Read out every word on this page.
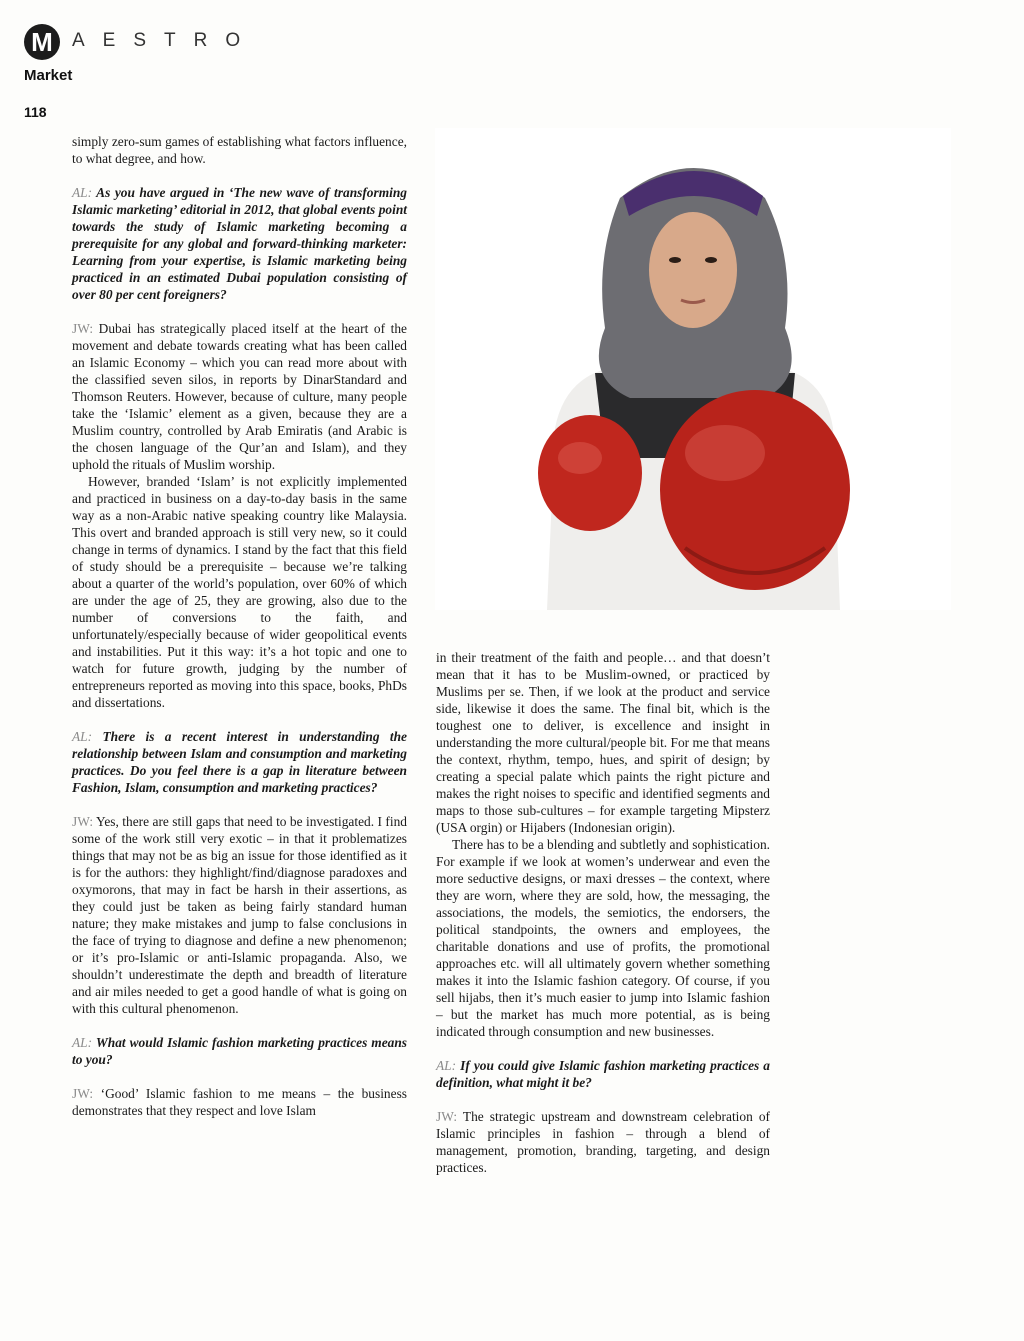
M	AESTRO
Market
118

simply zero-sum games of establishing what factors influence, to what degree, and how.

AL: As you have argued in ‘The new wave of transforming Islamic marketing’ editorial in 2012, that global events point towards the study of Islamic marketing becoming a prerequisite for any global and forward-thinking marketer: Learning from your expertise, is Islamic marketing being practiced in an estimated Dubai population consisting of over 80 per cent foreigners?

JW: Dubai has strategically placed itself at the heart of the movement and debate towards creating what has been called an Islamic Economy – which you can read more about with the classified seven silos, in reports by DinarStandard and Thomson Reuters. However, because of culture, many people take the ‘Islamic’ element as a given, because they are a Muslim country, controlled by Arab Emiratis (and Arabic is the chosen language of the Qur’an and Islam), and they uphold the rituals of Muslim worship.

However, branded ‘Islam’ is not explicitly implemented and practiced in business on a day-to-day basis in the same way as a non-Arabic native speaking country like Malaysia. This overt and branded approach is still very new, so it could change in terms of dynamics. I stand by the fact that this field of study should be a prerequisite – because we’re talking about a quarter of the world’s population, over 60% of which are under the age of 25, they are growing, also due to the number of conversions to the faith, and unfortunately/especially because of wider geopolitical events and instabilities. Put it this way: it’s a hot topic and one to watch for future growth, judging by the number of entrepreneurs reported as moving into this space, books, PhDs and dissertations.

AL: There is a recent interest in understanding the relationship between Islam and consumption and marketing practices. Do you feel there is a gap in literature between Fashion, Islam, consumption and marketing practices?

JW: Yes, there are still gaps that need to be investigated. I find some of the work still very exotic – in that it problematizes things that may not be as big an issue for those identified as it is for the authors: they highlight/find/diagnose paradoxes and oxymorons, that may in fact be harsh in their assertions, as they could just be taken as being fairly standard human nature; they make mistakes and jump to false conclusions in the face of trying to diagnose and define a new phenomenon; or it’s pro-Islamic or anti-Islamic propaganda. Also, we shouldn’t underestimate the depth and breadth of literature and air miles needed to get a good handle of what is going on with this cultural phenomenon.

AL: What would Islamic fashion marketing practices means to you?

JW: ‘Good’ Islamic fashion to me means – the business demonstrates that they respect and love Islam

in their treatment of the faith and people… and that doesn’t mean that it has to be Muslim-owned, or practiced by Muslims per se. Then, if we look at the product and service side, likewise it does the same. The final bit, which is the toughest one to deliver, is excellence and insight in understanding the more cultural/people bit. For me that means the context, rhythm, tempo, hues, and spirit of design; by creating a special palate which paints the right picture and makes the right noises to specific and identified segments and maps to those sub-cultures – for example targeting Mipsterz (USA orgin) or Hijabers (Indonesian origin).

There has to be a blending and subtletly and sophistication. For example if we look at women’s underwear and even the more seductive designs, or maxi dresses – the context, where they are worn, where they are sold, how, the messaging, the associations, the models, the semiotics, the endorsers, the political standpoints, the owners and employees, the charitable donations and use of profits, the promotional approaches etc. will all ultimately govern whether something makes it into the Islamic fashion category. Of course, if you sell hijabs, then it’s much easier to jump into Islamic fashion – but the market has much more potential, as is being indicated through consumption and new businesses.

AL: If you could give Islamic fashion marketing practices a definition, what might it be?

JW: The strategic upstream and downstream celebration of Islamic principles in fashion – through a blend of management, promotion, branding, targeting, and design practices.
